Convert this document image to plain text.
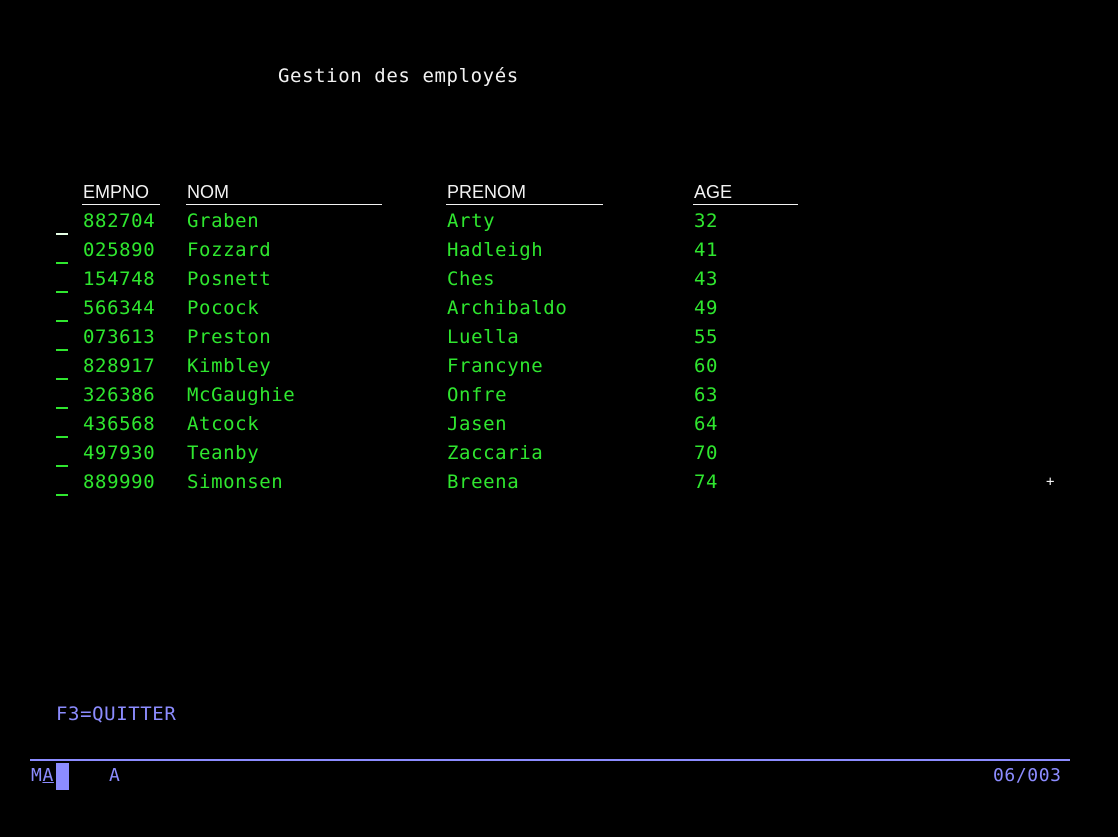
Gestion des employés
EMPNO NOM	PRENOM	AGE
882704 Graben	Arty	32
025890 Fozzard	Hadleigh	41
154748 Posnett	Ches	43
566344 Pocock	Archibaldo	49
073613 Preston	Luella	55
828917 Kimbley	Francyne	60
326386 McGaughie	Onfre	63
436568 Atcock	Jasen	64
497930 Teanby	Zaccaria	70
889990 Simonsen	Breena	74	+
F3=QUITTER
MA	A	06/003
